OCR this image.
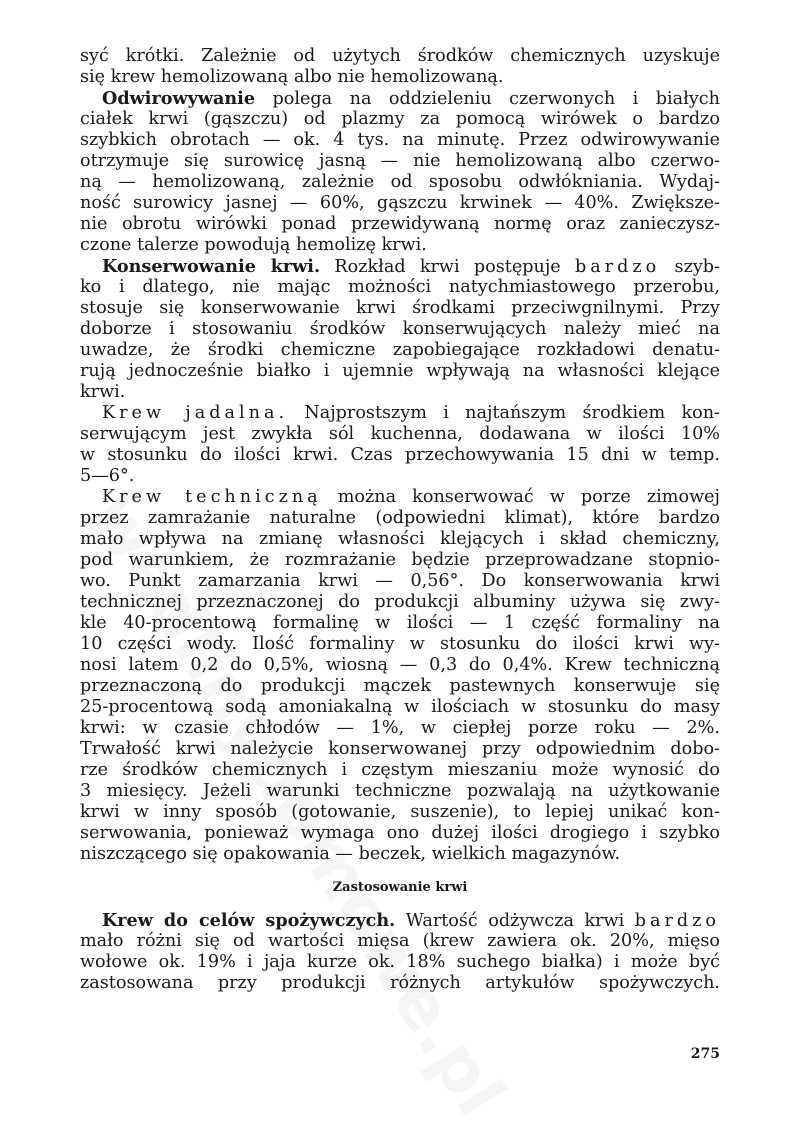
syć krótki. Zależnie od użytych środków chemicznych uzyskuje
się krew hemolizowaną albo nie hemolizowaną.
Odwirowywanie polega na oddzieleniu czerwonych i białych
ciałek krwi (gąszczu) od plazmy za pomocą wirówek o bardzo
szybkich obrotach — ok. 4 tys. na minutę. Przez odwirowywanie
otrzymuje się surowicę jasną — nie hemolizowaną albo czerwo-
ną — hemolizowaną, zależnie od sposobu odwłókniania. Wydaj-
ność surowicy jasnej — 60%, gąszczu krwinek — 40%. Zwiększe-
nie obrotu wirówki ponad przewidywaną normę oraz zanieczysz-
czone talerze powodują hemolizę krwi.
Konserwowanie krwi. Rozkład krwi postępuje bardzo szyb-
ko i dlatego, nie mając możności natychmiastowego przerobu,
stosuje się konserwowanie krwi środkami przeciwgnilnymi. Przy
doborze i stosowaniu środków konserwujących należy mieć na
uwadze, że środki chemiczne zapobiegające rozkładowi denatu-
rują jednocześnie białko i ujemnie wpływają na własności klejące
krwi.
Krew jadalna. Najprostszym i najtańszym środkiem kon-
serwującym jest zwykła sól kuchenna, dodawana w ilości 10%
w stosunku do ilości krwi. Czas przechowywania 15 dni w temp.
5—6°.
Krew techniczną można konserwować w porze zimowej
przez zamrażanie naturalne (odpowiedni klimat), które bardzo
mało wpływa na zmianę własności klejących i skład chemiczny,
pod warunkiem, że rozmrażanie będzie przeprowadzane stopnio-
wo. Punkt zamarzania krwi — 0,56°. Do konserwowania krwi
technicznej przeznaczonej do produkcji albuminy używa się zwy-
kle 40-procentową formalinę w ilości — 1 część formaliny na
10 części wody. Ilość formaliny w stosunku do ilości krwi wy-
nosi latem 0,2 do 0,5%, wiosną — 0,3 do 0,4%. Krew techniczną
przeznaczoną do produkcji mączek pastewnych konserwuje się
25-procentową sodą amoniakalną w ilościach w stosunku do masy
krwi: w czasie chłodów — 1%, w ciepłej porze roku — 2%.
Trwałość krwi należycie konserwowanej przy odpowiednim dobo-
rze środków chemicznych i częstym mieszaniu może wynosić do
3 miesięcy. Jeżeli warunki techniczne pozwalają na użytkowanie
krwi w inny sposób (gotowanie, suszenie), to lepiej unikać kon-
serwowania, ponieważ wymaga ono dużej ilości drogiego i szybko
niszczącego się opakowania — beczek, wielkich magazynów.
Zastosowanie krwi
Krew do celów spożywczych. Wartość odżywcza krwi bardzo
mało różni się od wartości mięsa (krew zawiera ok. 20%, mięso
wołowe ok. 19% i jaja kurze ok. 18% suchego białka) i może być
zastosowana przy produkcji różnych artykułów spożywczych.
275
